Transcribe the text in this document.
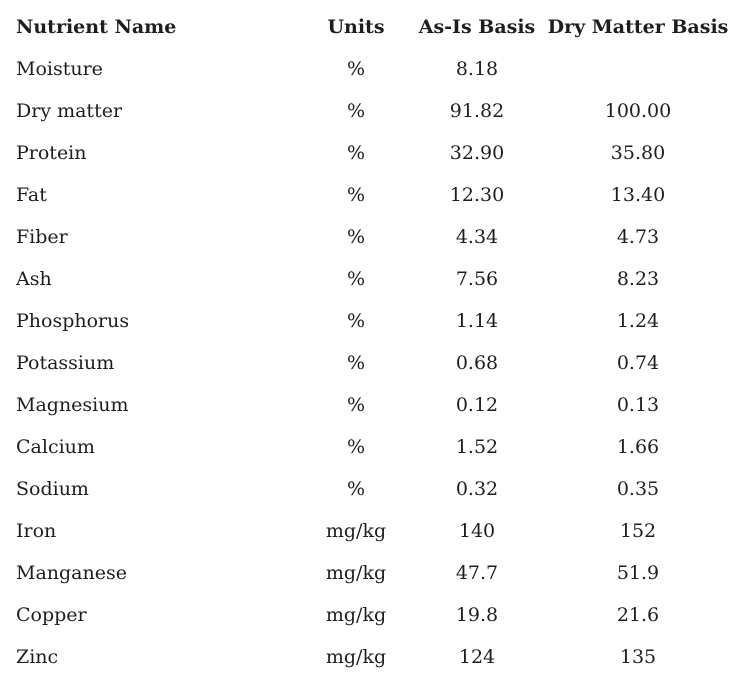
Nutrient Name	Units	As-Is Basis	Dry Matter Basis
Moisture	%	8.18	
Dry matter	%	91.82	100.00
Protein	%	32.90	35.80
Fat	%	12.30	13.40
Fiber	%	4.34	4.73
Ash	%	7.56	8.23
Phosphorus	%	1.14	1.24
Potassium	%	0.68	0.74
Magnesium	%	0.12	0.13
Calcium	%	1.52	1.66
Sodium	%	0.32	0.35
Iron	mg/kg	140	152
Manganese	mg/kg	47.7	51.9
Copper	mg/kg	19.8	21.6
Zinc	mg/kg	124	135
